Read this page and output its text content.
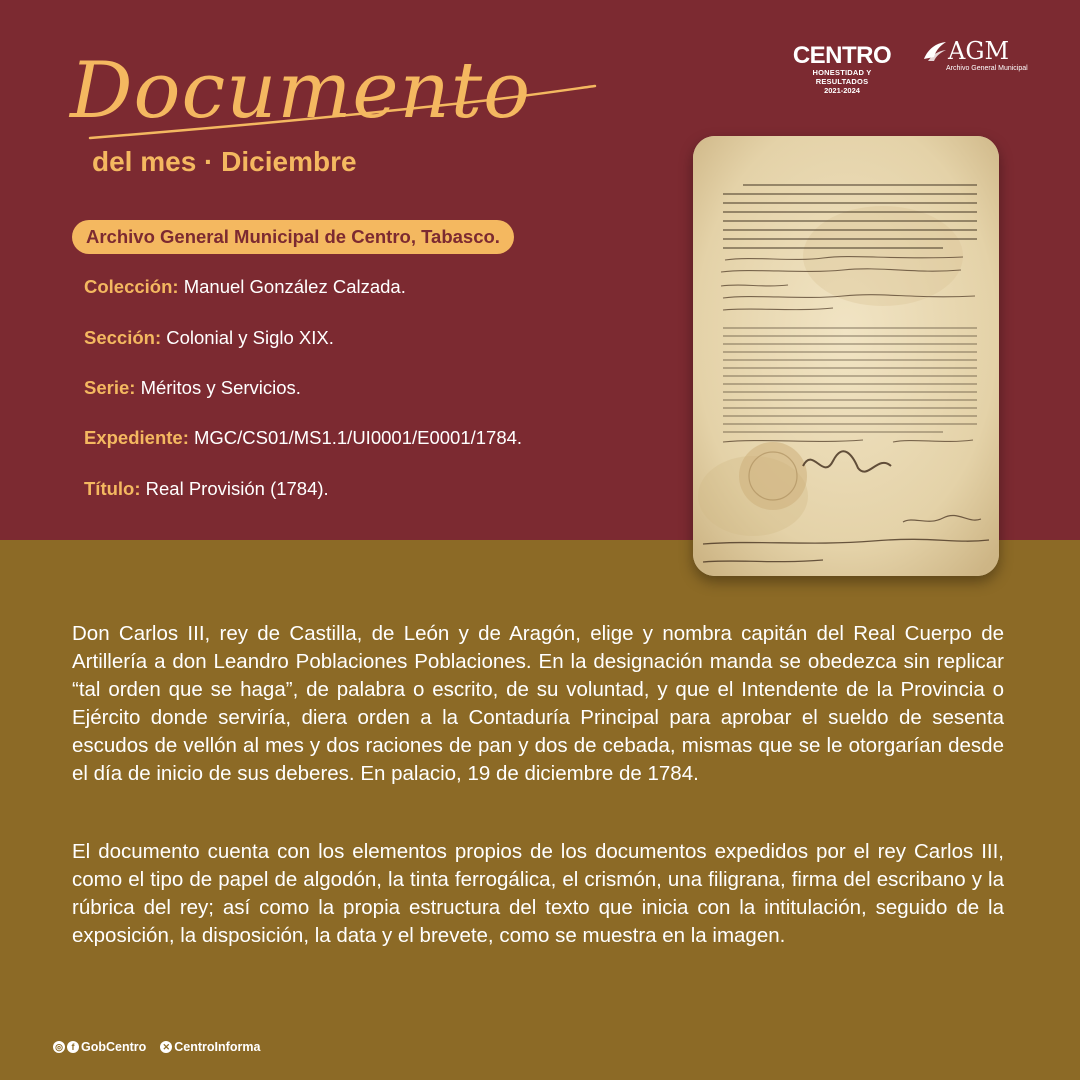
Documento
del mes · Diciembre
CENTRO
HONESTIDAD Y RESULTADOS
2021-2024
AGM
Archivo General Municipal
Archivo General Municipal de Centro, Tabasco.
Colección: Manuel González Calzada.
Sección: Colonial y Siglo XIX.
Serie: Méritos y Servicios.
Expediente: MGC/CS01/MS1.1/UI0001/E0001/1784.
Título: Real Provisión (1784).
Don Carlos III, rey de Castilla, de León y de Aragón, elige y nombra capitán del Real Cuerpo de Artillería a don Leandro Poblaciones Poblaciones. En la designación manda se obedezca sin replicar “tal orden que se haga”, de palabra o escrito, de su voluntad, y que el Intendente de la Provincia o Ejército donde serviría, diera orden a la Contaduría Principal para aprobar el sueldo de sesenta escudos de vellón al mes y dos raciones de pan y dos de cebada, mismas que se le otorgarían desde el día de inicio de sus deberes. En palacio, 19 de diciembre de 1784.
El documento cuenta con los elementos propios de los documentos expedidos por el rey Carlos III, como el tipo de papel de algodón, la tinta ferrogálica, el crismón, una filigrana, firma del escribano y la rúbrica del rey; así como la propia estructura del texto que inicia con la intitulación, seguido de la exposición, la disposición, la data y el brevete, como se muestra en la imagen.
◎ f GobCentro ✕ CentroInforma
